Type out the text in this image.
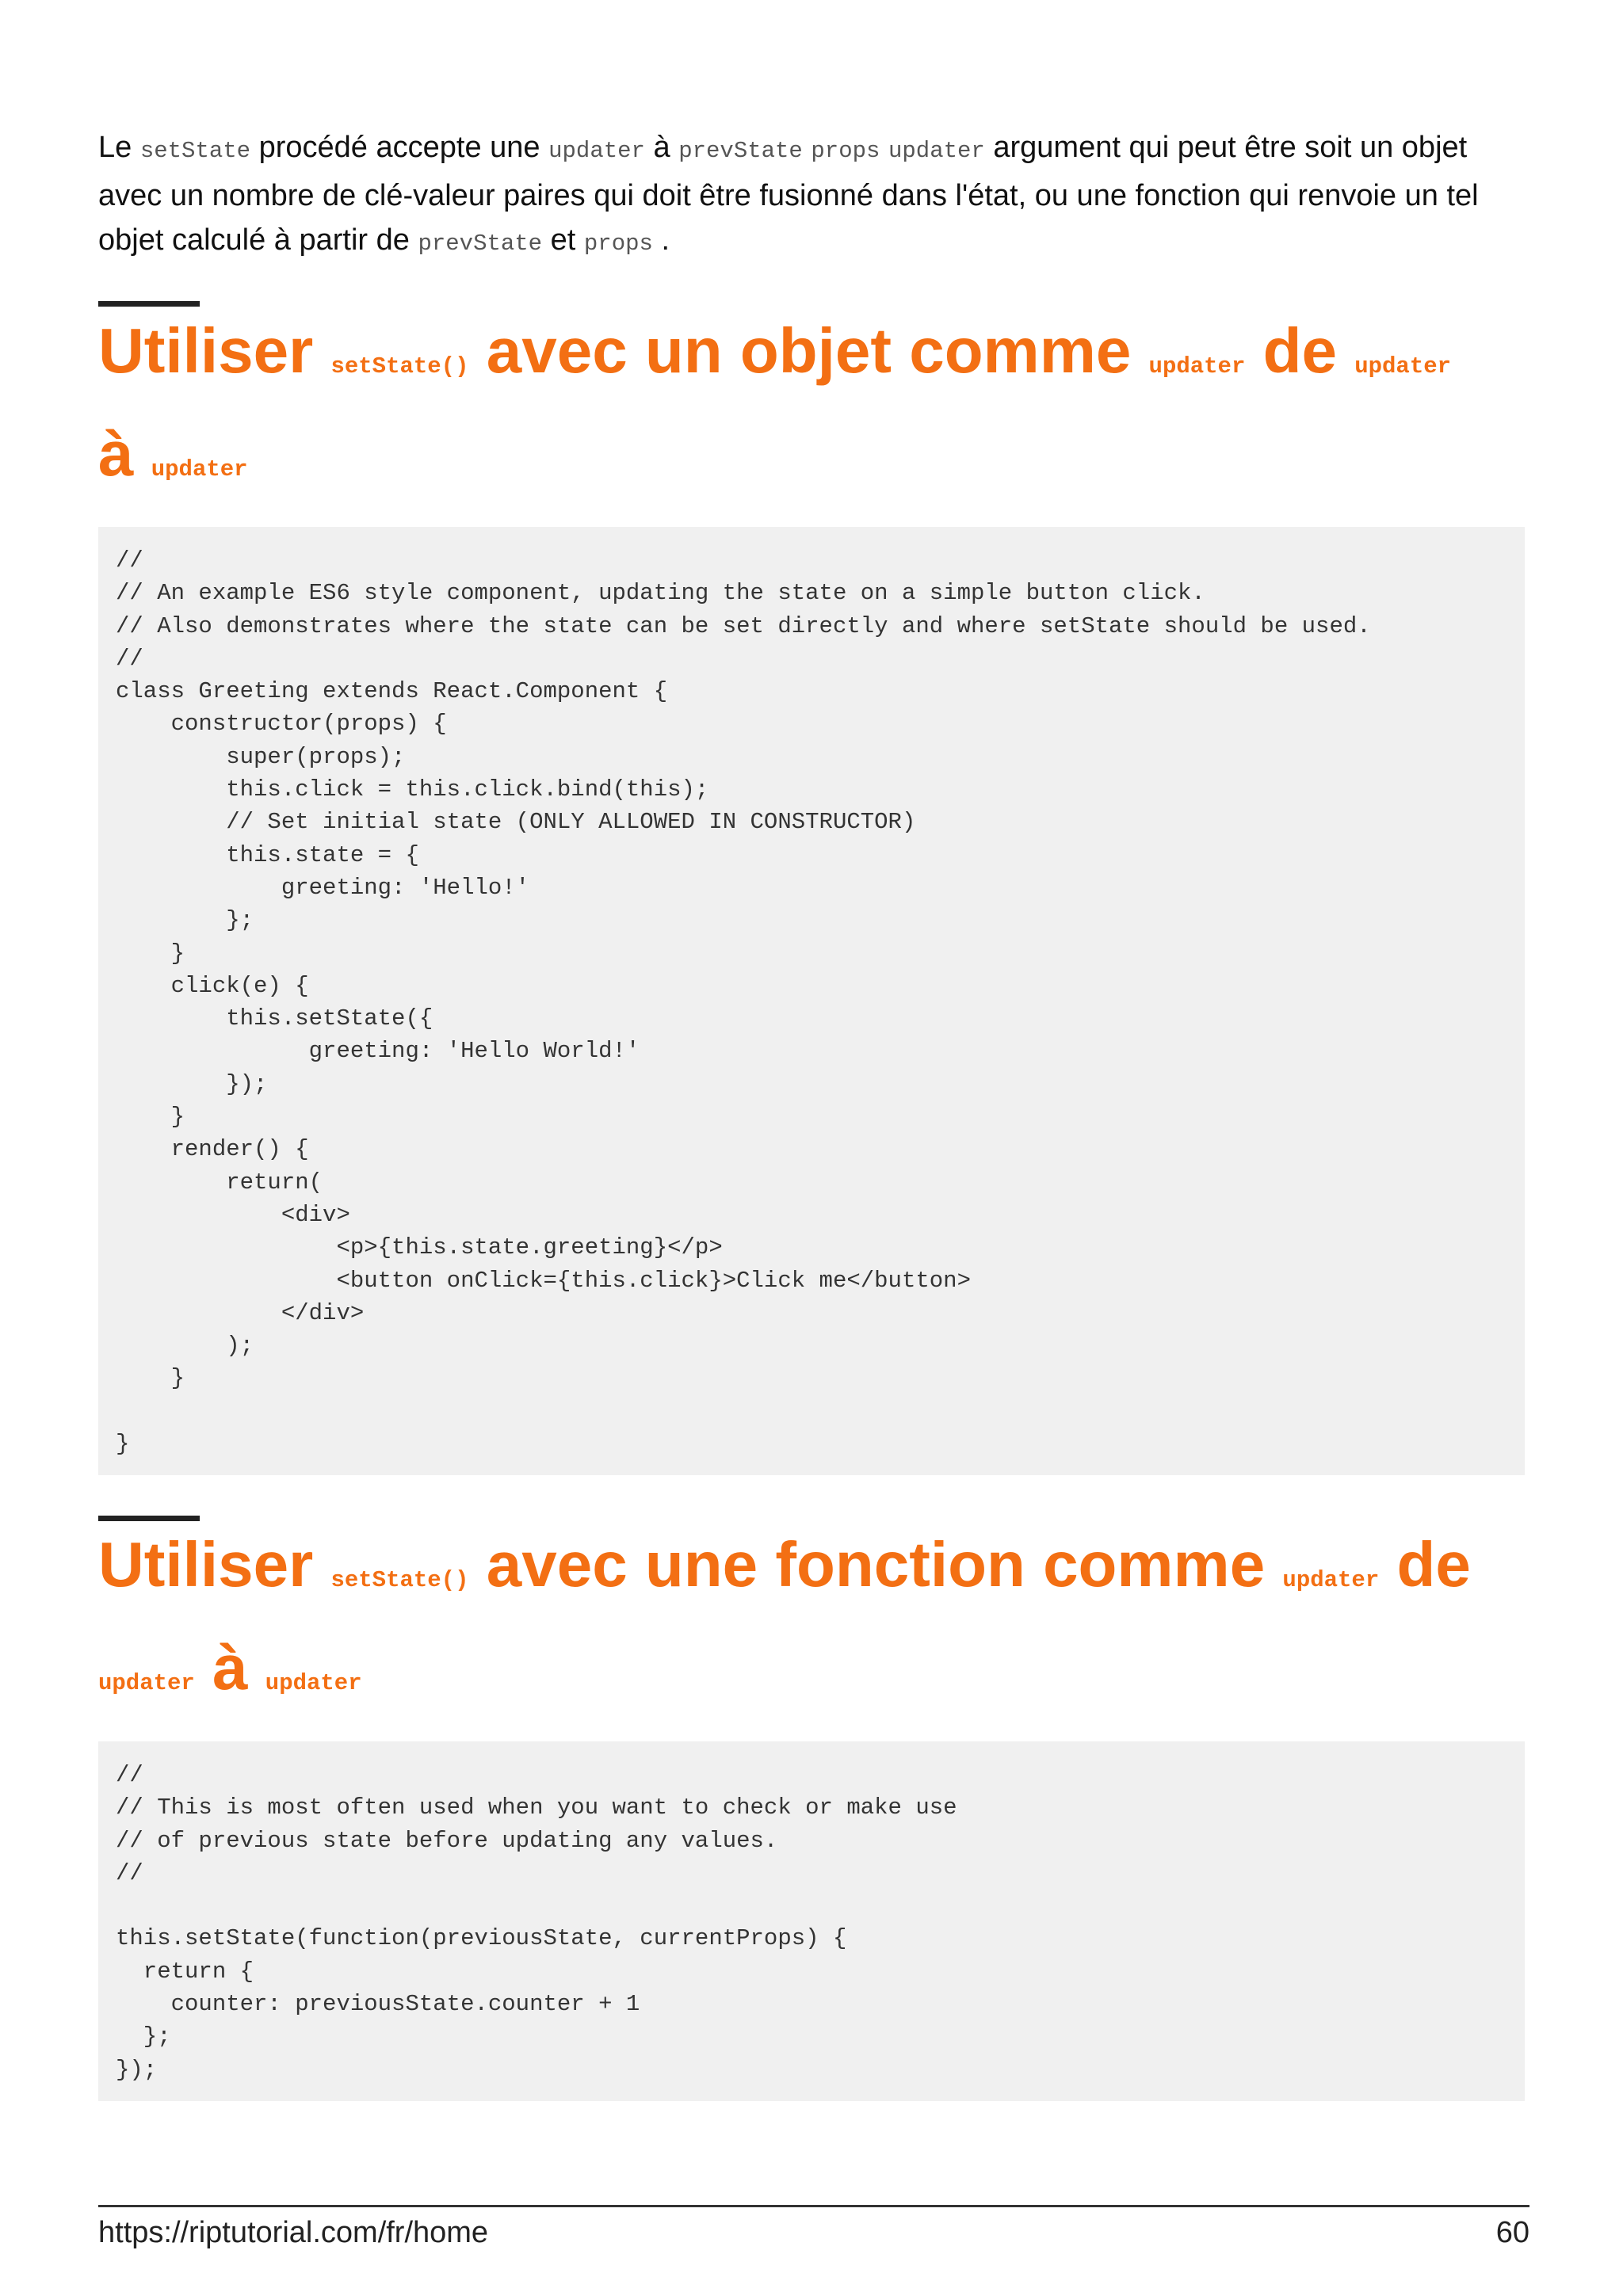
Le setState procédé accepte une updater à prevState props updater argument qui peut être soit un objet avec un nombre de clé-valeur paires qui doit être fusionné dans l'état, ou une fonction qui renvoie un tel objet calculé à partir de prevState et props .

Utiliser setState() avec un objet comme updater de updater
à updater
//
// An example ES6 style component, updating the state on a simple button click.
// Also demonstrates where the state can be set directly and where setState should be used.
//
class Greeting extends React.Component {
constructor(props) {
super(props);
this.click = this.click.bind(this);
// Set initial state (ONLY ALLOWED IN CONSTRUCTOR)
this.state = {
greeting: 'Hello!'
};
}
click(e) {
this.setState({
greeting: 'Hello World!'
});
}
render() {
return(
<div>
<p>{this.state.greeting}</p>
<button onClick={this.click}>Click me</button>
</div>
);
}

}
Utiliser setState() avec une fonction comme updater de
updater à updater
//
// This is most often used when you want to check or make use
// of previous state before updating any values.
//

this.setState(function(previousState, currentProps) {
return {
counter: previousState.counter + 1
};
});
https://riptutorial.com/fr/home	60
